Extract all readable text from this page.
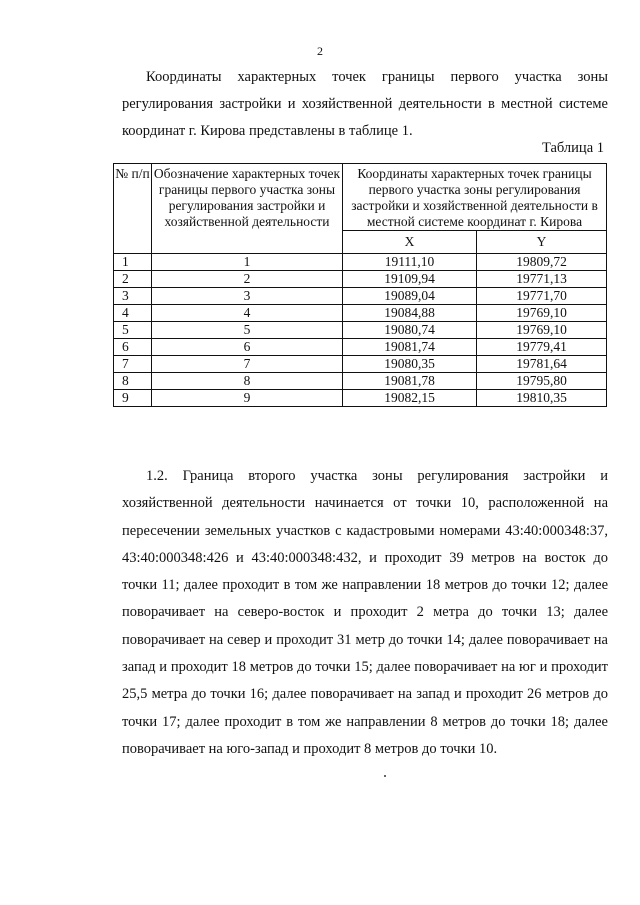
2

Координаты характерных точек границы первого участка зоны регулирования застройки и хозяйственной деятельности в местной системе координат г. Кирова представлены в таблице 1.

Таблица 1
№ п/п	Обозначение характерных точек границы первого участка зоны регулирования застройки и хозяйственной деятельности	Координаты характерных точек границы первого участка зоны регулирования застройки и хозяйственной деятельности в местной системе координат г. Кирова	
		X	Y
1	1	19111,10	19809,72
2	2	19109,94	19771,13
3	3	19089,04	19771,70
4	4	19084,88	19769,10
5	5	19080,74	19769,10
6	6	19081,74	19779,41
7	7	19080,35	19781,64
8	8	19081,78	19795,80
9	9	19082,15	19810,35

1.2. Граница второго участка зоны регулирования застройки и хозяйственной деятельности начинается от точки 10, расположенной на пересечении земельных участков с кадастровыми номерами 43:40:000348:37, 43:40:000348:426 и 43:40:000348:432, и проходит 39 метров на восток до точки 11; далее проходит в том же направлении 18 метров до точки 12; далее поворачивает на северо-восток и проходит 2 метра до точки 13; далее поворачивает на север и проходит 31 метр до точки 14; далее поворачивает на запад и проходит 18 метров до точки 15; далее поворачивает на юг и проходит 25,5 метра до точки 16; далее поворачивает на запад и проходит 26 метров до точки 17; далее проходит в том же направлении 8 метров до точки 18; далее поворачивает на юго-запад и проходит 8 метров до точки 10.
